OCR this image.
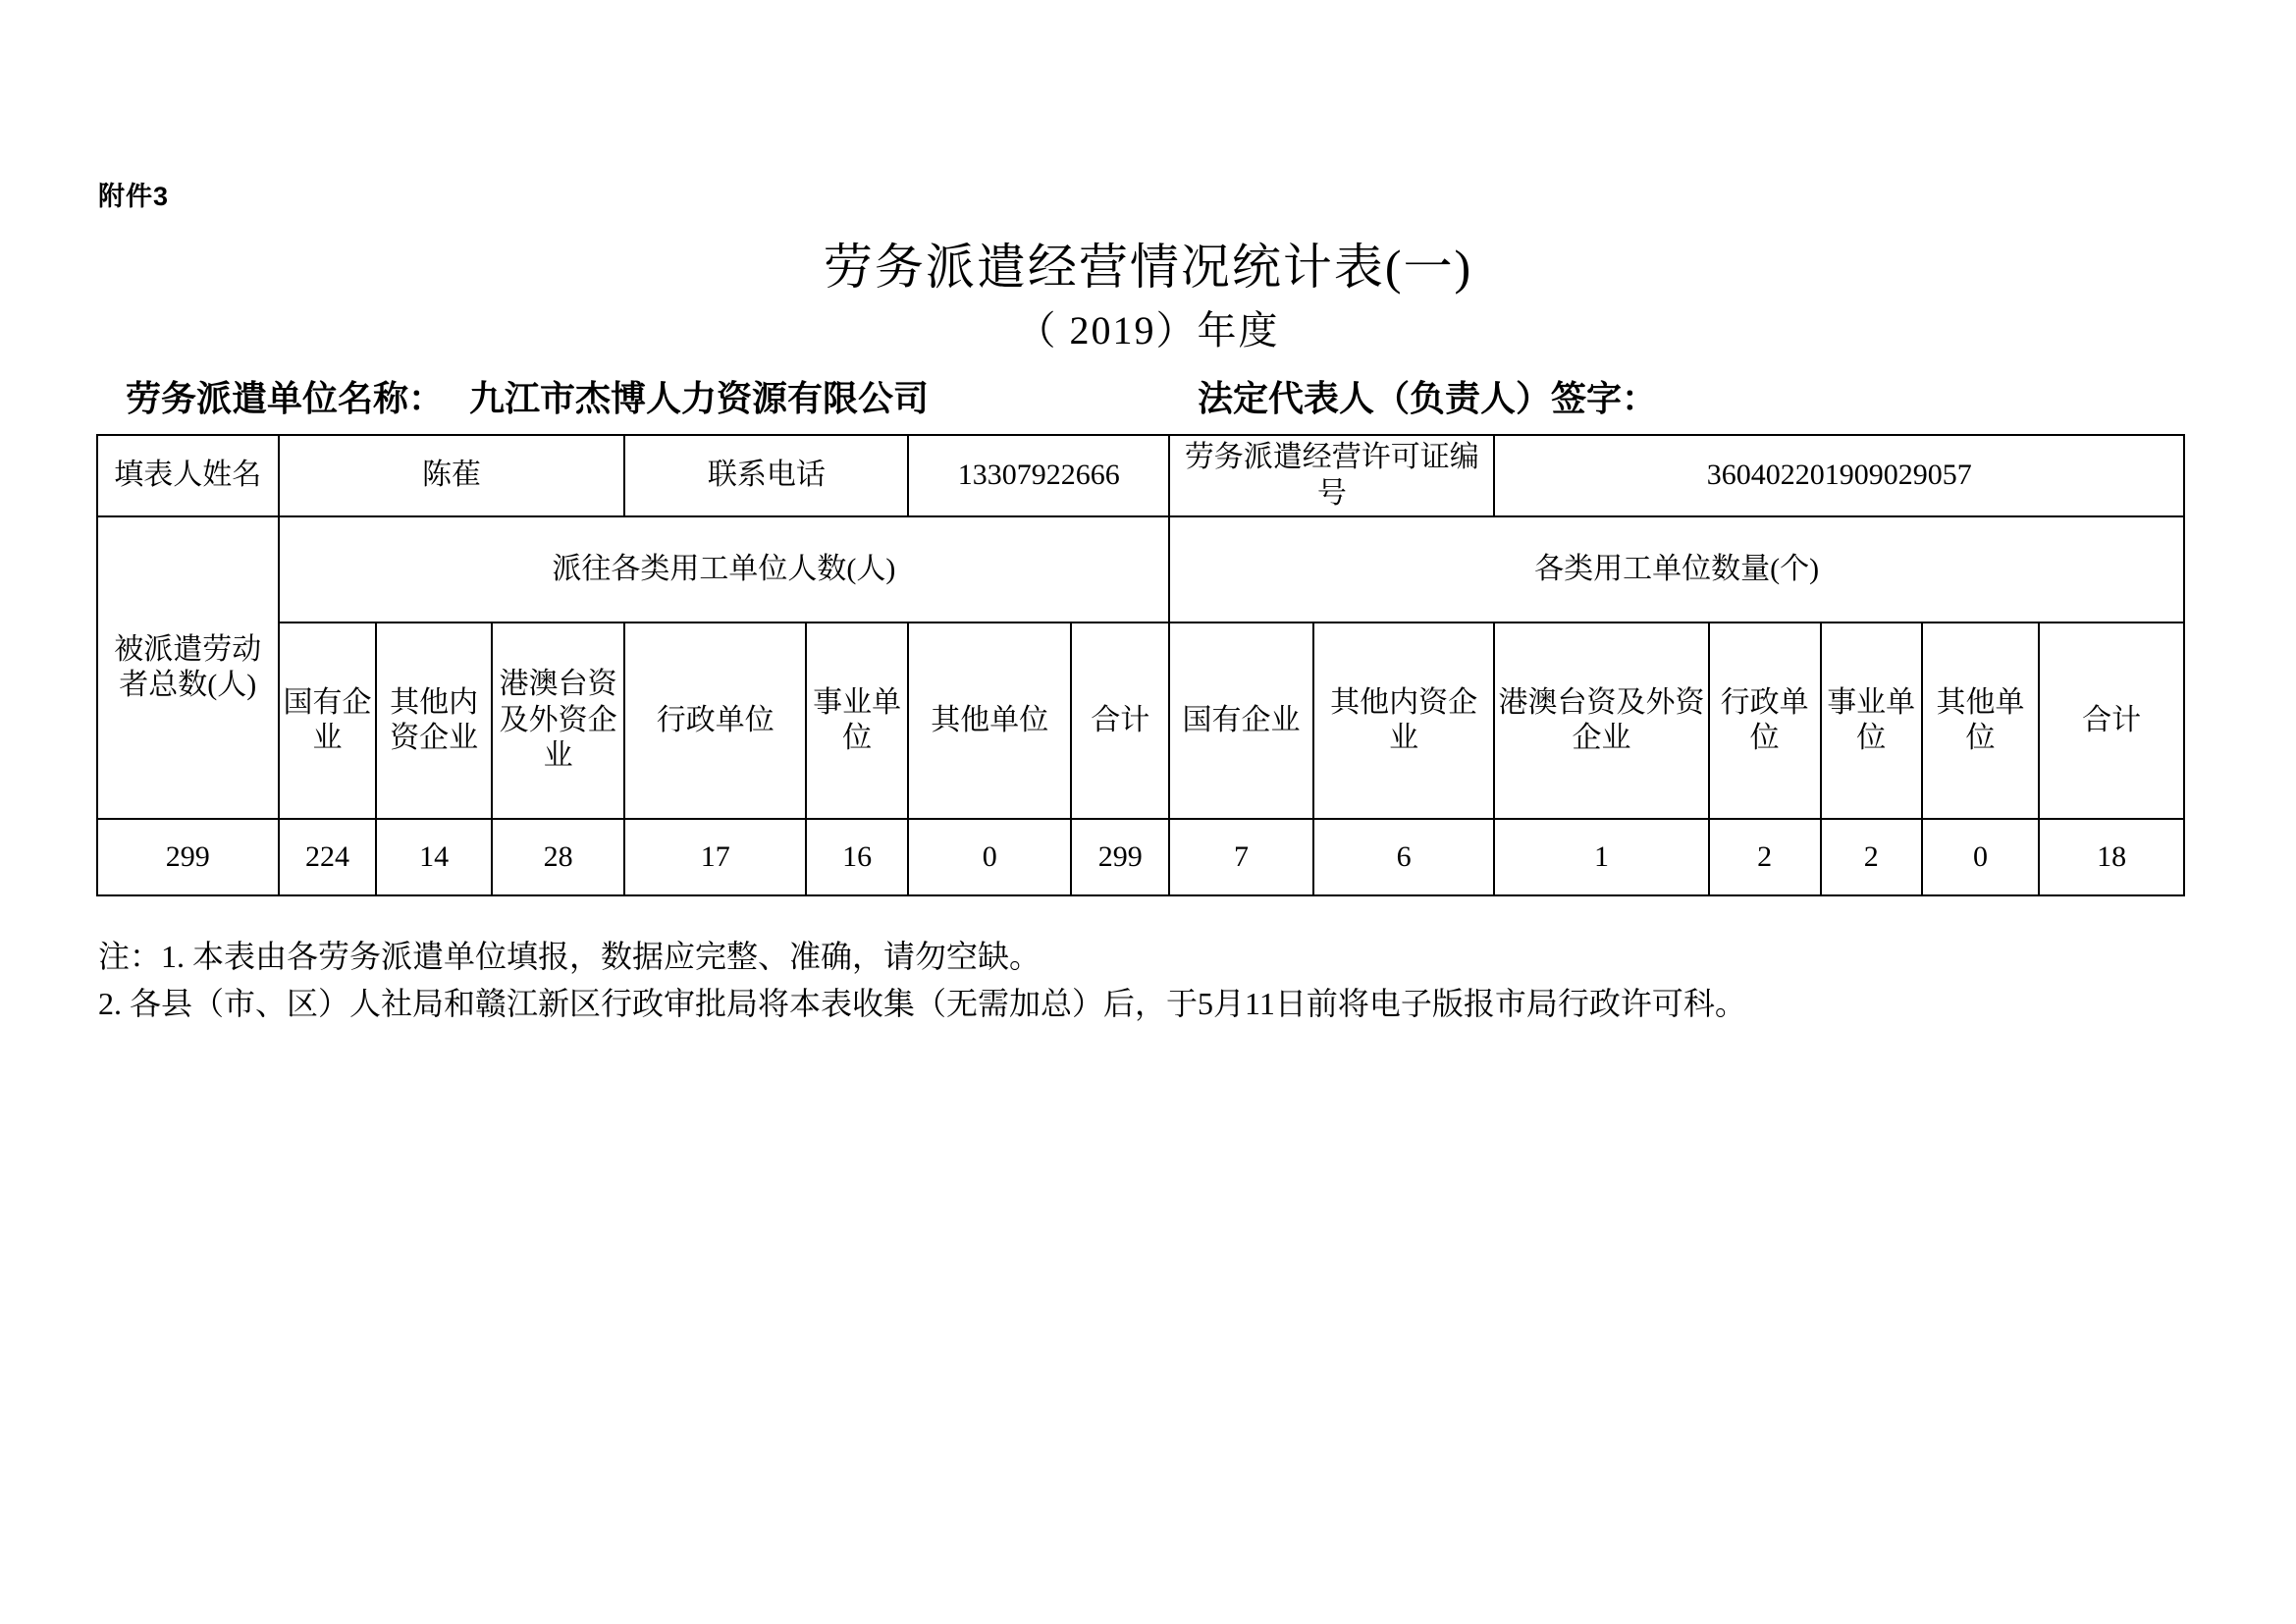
附件3
劳务派遣经营情况统计表(一)
（ 2019）年度
劳务派遣单位名称： 九江市杰博人力资源有限公司	法定代表人（负责人）签字：
填表人姓名	陈萑			联系电话		13307922666		劳务派遣经营许可证编号		360402201909029057				
被派遣劳动者总数(人)	派往各类用工单位人数(人)							各类用工单位数量(个)						
	国有企业	其他内资企业	港澳台资及外资企业	行政单位	事业单位	其他单位	合计	国有企业	其他内资企业	港澳台资及外资企业	行政单位	事业单位	其他单位	合计
299	224	14	28	17	16	0	299	7	6	1	2	2	0	18
注：1. 本表由各劳务派遣单位填报，数据应完整、准确，请勿空缺。
2. 各县（市、区）人社局和赣江新区行政审批局将本表收集（无需加总）后，于5月11日前将电子版报市局行政许可科。
